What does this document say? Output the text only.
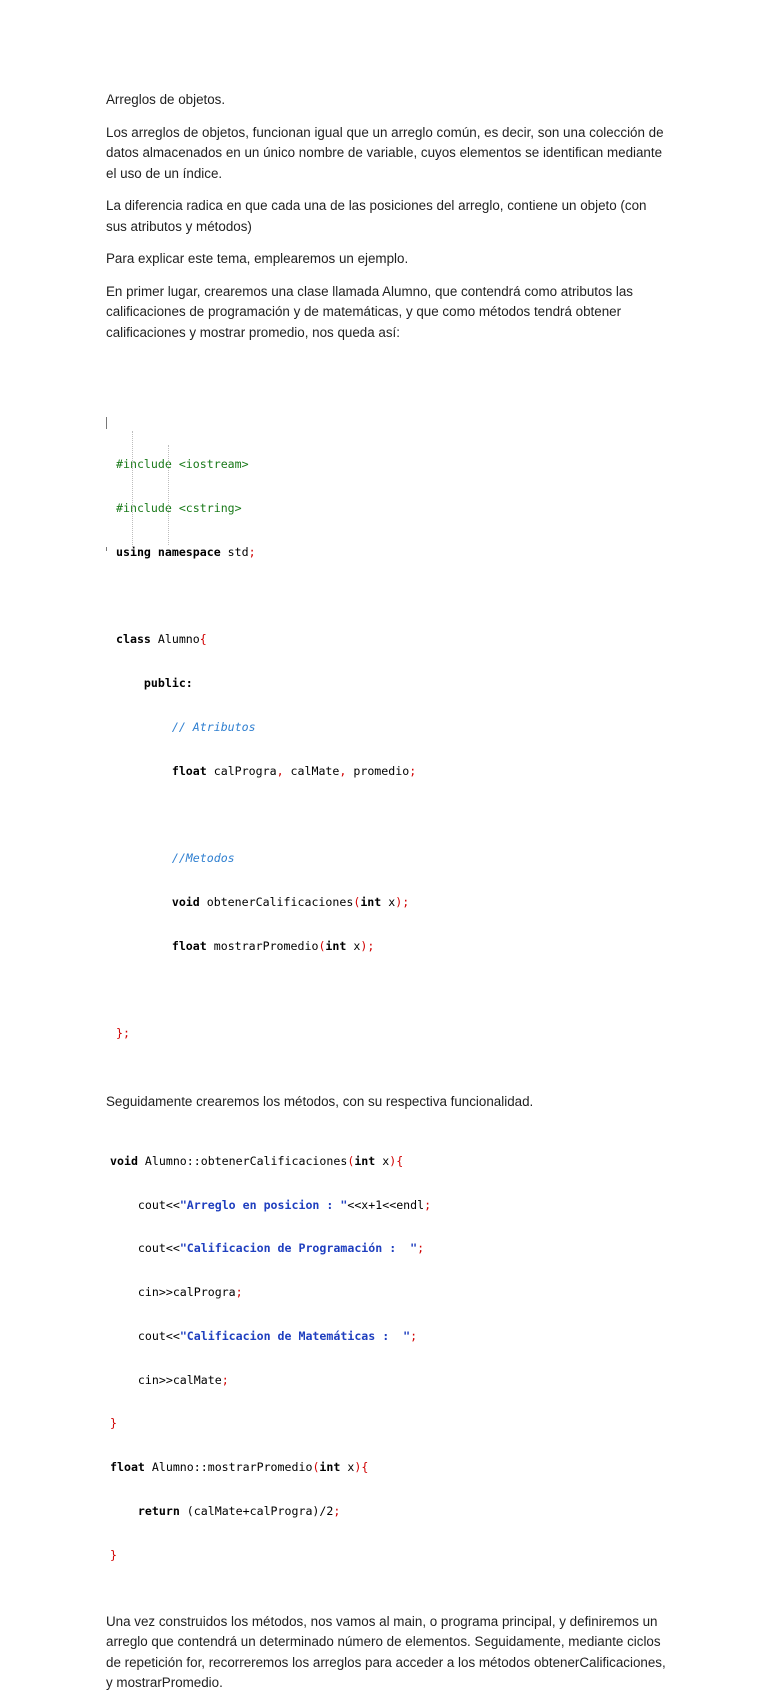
Arreglos de objetos.

Los arreglos de objetos, funcionan igual que un arreglo común, es decir, son una colección de datos almacenados en un único nombre de variable, cuyos elementos se identifican mediante el uso de un índice.

La diferencia radica en que cada una de las posiciones del arreglo, contiene un objeto (con sus atributos y métodos)

Para explicar este tema, emplearemos un ejemplo.

En primer lugar, crearemos una clase llamada Alumno, que contendrá como atributos las calificaciones de programación y de matemáticas, y que como métodos tendrá obtener calificaciones y mostrar promedio, nos queda así:

#include <iostream>

#include <cstring>

using namespace std;

class Alumno{

public:

// Atributos

float calProgra, calMate, promedio;

//Metodos

void obtenerCalificaciones(int x);

float mostrarPromedio(int x);

};

Seguidamente crearemos los métodos, con su respectiva funcionalidad.

void Alumno::obtenerCalificaciones(int x){

cout<<"Arreglo en posicion : "<<x+1<<endl;

cout<<"Calificacion de Programación :  ";

cin>>calProgra;

cout<<"Calificacion de Matemáticas :  ";

cin>>calMate;

}

float Alumno::mostrarPromedio(int x){

return (calMate+calProgra)/2;

}

Una vez construidos los métodos, nos vamos al main, o programa principal, y definiremos un arreglo que contendrá un determinado número de elementos. Seguidamente, mediante ciclos de repetición for, recorreremos los arreglos para acceder a los métodos obtenerCalificaciones, y mostrarPromedio.
